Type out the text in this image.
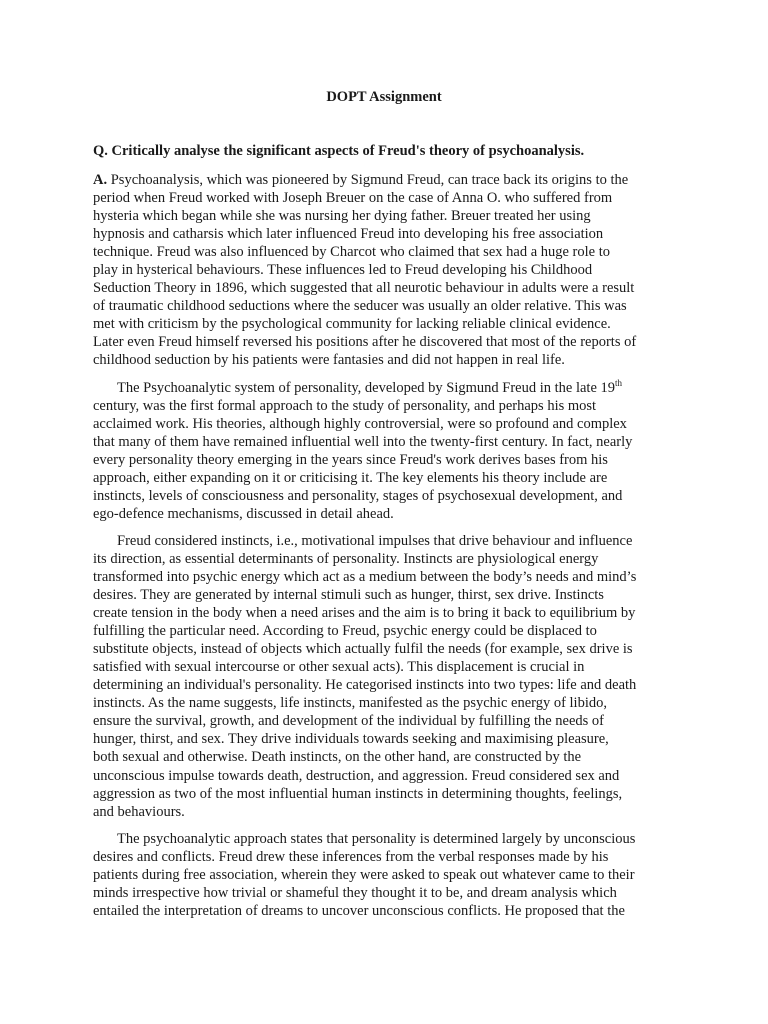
DOPT Assignment

Q. Critically analyse the significant aspects of Freud's theory of psychoanalysis.

A. Psychoanalysis, which was pioneered by Sigmund Freud, can trace back its origins to the
period when Freud worked with Joseph Breuer on the case of Anna O. who suffered from
hysteria which began while she was nursing her dying father. Breuer treated her using
hypnosis and catharsis which later influenced Freud into developing his free association
technique. Freud was also influenced by Charcot who claimed that sex had a huge role to
play in hysterical behaviours. These influences led to Freud developing his Childhood
Seduction Theory in 1896, which suggested that all neurotic behaviour in adults were a result
of traumatic childhood seductions where the seducer was usually an older relative. This was
met with criticism by the psychological community for lacking reliable clinical evidence.
Later even Freud himself reversed his positions after he discovered that most of the reports of
childhood seduction by his patients were fantasies and did not happen in real life.

The Psychoanalytic system of personality, developed by Sigmund Freud in the late 19th
century, was the first formal approach to the study of personality, and perhaps his most
acclaimed work. His theories, although highly controversial, were so profound and complex
that many of them have remained influential well into the twenty-first century. In fact, nearly
every personality theory emerging in the years since Freud's work derives bases from his
approach, either expanding on it or criticising it. The key elements his theory include are
instincts, levels of consciousness and personality, stages of psychosexual development, and
ego-defence mechanisms, discussed in detail ahead.

Freud considered instincts, i.e., motivational impulses that drive behaviour and influence
its direction, as essential determinants of personality. Instincts are physiological energy
transformed into psychic energy which act as a medium between the body’s needs and mind’s
desires. They are generated by internal stimuli such as hunger, thirst, sex drive. Instincts
create tension in the body when a need arises and the aim is to bring it back to equilibrium by
fulfilling the particular need. According to Freud, psychic energy could be displaced to
substitute objects, instead of objects which actually fulfil the needs (for example, sex drive is
satisfied with sexual intercourse or other sexual acts). This displacement is crucial in
determining an individual's personality. He categorised instincts into two types: life and death
instincts. As the name suggests, life instincts, manifested as the psychic energy of libido,
ensure the survival, growth, and development of the individual by fulfilling the needs of
hunger, thirst, and sex. They drive individuals towards seeking and maximising pleasure,
both sexual and otherwise. Death instincts, on the other hand, are constructed by the
unconscious impulse towards death, destruction, and aggression. Freud considered sex and
aggression as two of the most influential human instincts in determining thoughts, feelings,
and behaviours.

The psychoanalytic approach states that personality is determined largely by unconscious
desires and conflicts. Freud drew these inferences from the verbal responses made by his
patients during free association, wherein they were asked to speak out whatever came to their
minds irrespective how trivial or shameful they thought it to be, and dream analysis which
entailed the interpretation of dreams to uncover unconscious conflicts. He proposed that the
